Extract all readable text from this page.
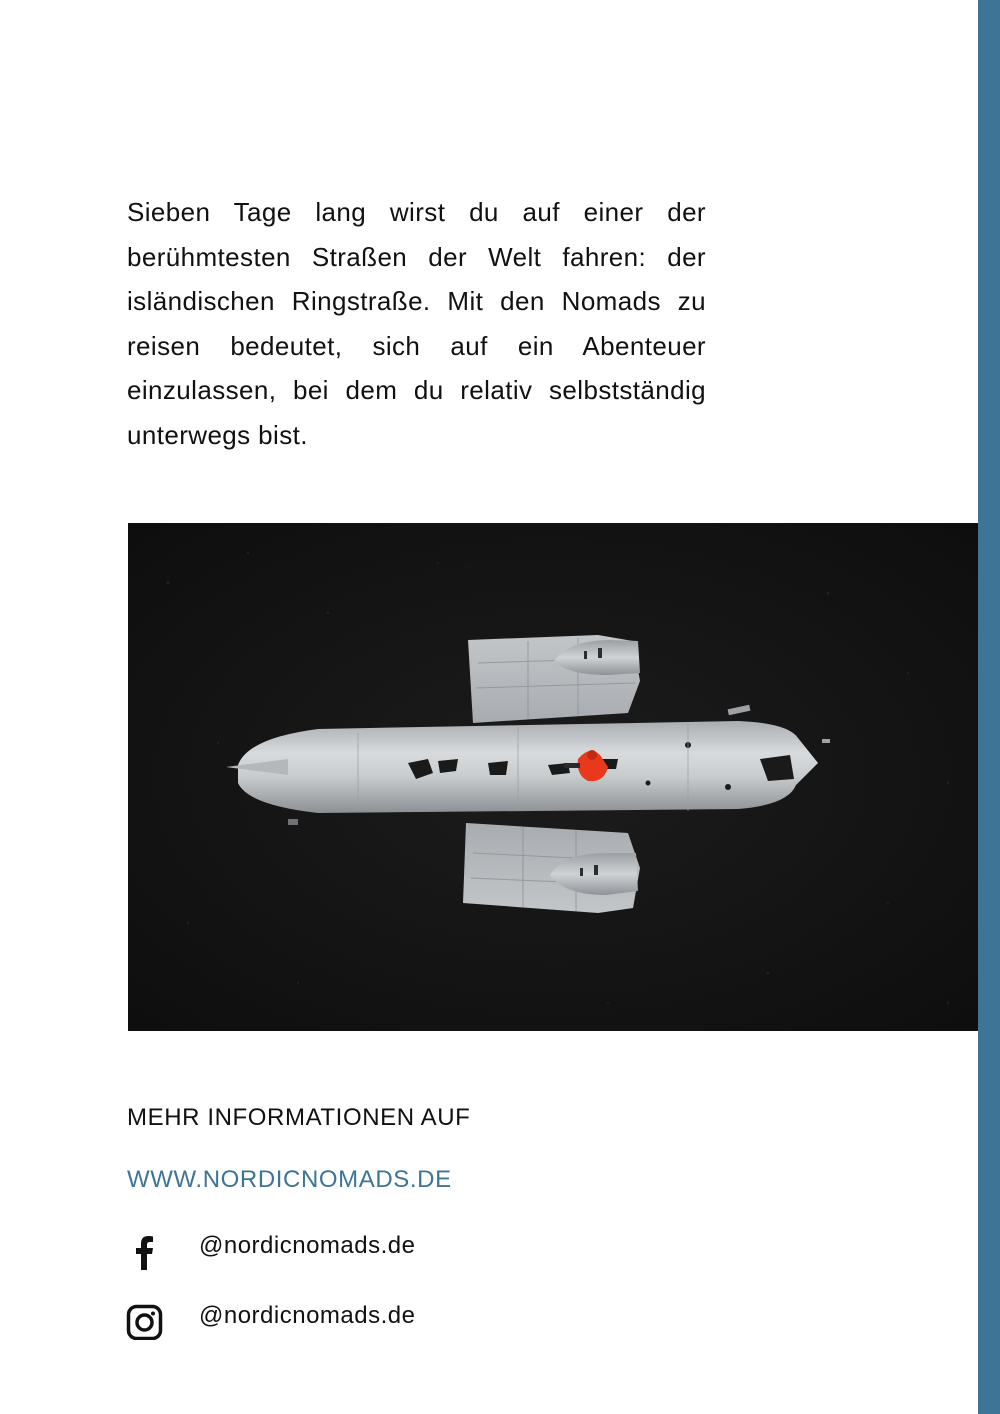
Sieben Tage lang wirst du auf einer der berühmtesten Straßen der Welt fahren: der isländischen Ringstraße. Mit den Nomads zu reisen bedeutet, sich auf ein Abenteuer einzulassen, bei dem du relativ selbstständig unterwegs bist.

MEHR INFORMATIONEN AUF
WWW.NORDICNOMADS.DE
@nordicnomads.de
@nordicnomads.de
